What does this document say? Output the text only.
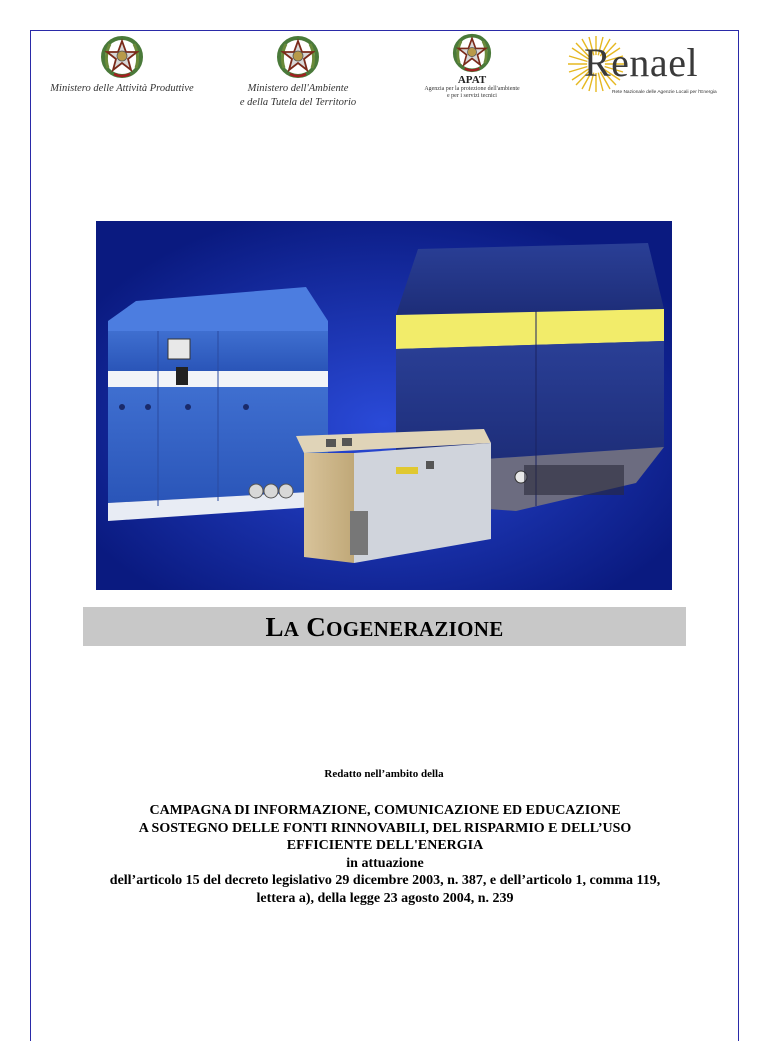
Ministero delle Attività Produttive	Ministero dell'Ambiente
e della Tutela del Territorio
APAT
Agenzia per la protezione dell'ambiente
e per i servizi tecnici
Renael
Rete Nazionale delle Agenzie Locali per l'Energia
LA COGENERAZIONE
Redatto nell’ambito della
CAMPAGNA DI INFORMAZIONE, COMUNICAZIONE ED EDUCAZIONE
A SOSTEGNO DELLE FONTI RINNOVABILI, DEL RISPARMIO E DELL’USO
EFFICIENTE DELL'ENERGIA
in attuazione
dell’articolo 15 del decreto legislativo 29 dicembre 2003, n. 387, e dell’articolo 1, comma 119,
lettera a), della legge 23 agosto 2004, n. 239
